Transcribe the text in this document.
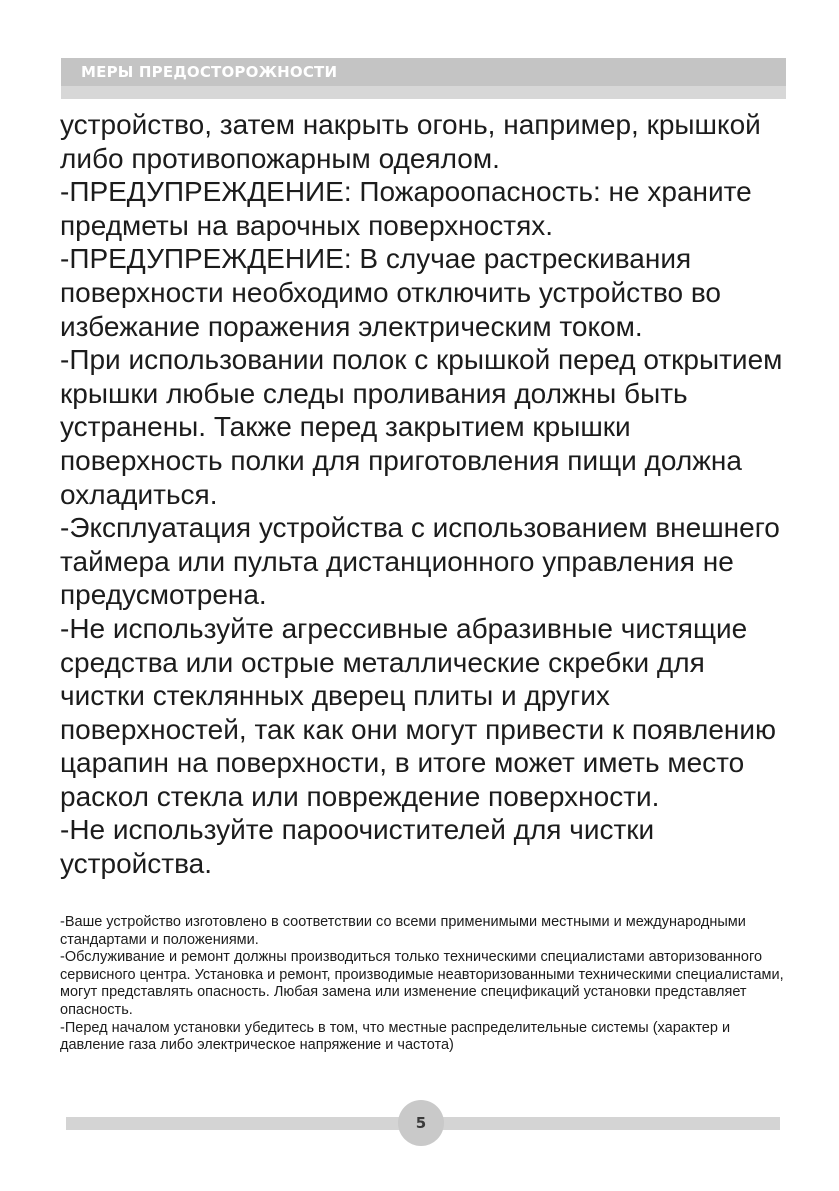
МЕРЫ ПРЕДОСТОРОЖНОСТИ

устройство, затем накрыть огонь, например, крышкой либо противопожарным одеялом.

-ПРЕДУПРЕЖДЕНИЕ: Пожароопасность: не храните предметы на варочных поверхностях.

-ПРЕДУПРЕЖДЕНИЕ: В случае растрескивания поверхности необходимо отключить устройство во избежание поражения электрическим током.

-При использовании полок с крышкой перед открытием крышки любые следы проливания должны быть устранены. Также перед закрытием крышки поверхность полки для приготовления пищи должна охладиться.

-Эксплуатация устройства с использованием внешнего таймера или пульта дистанционного управления не предусмотрена.

-Не используйте агрессивные абразивные чистящие средства или острые металлические скребки для чистки стеклянных дверец плиты и других поверхностей, так как они могут привести к появлению царапин на поверхности, в итоге может иметь место раскол стекла или повреждение поверхности.

-Не используйте пароочистителей для чистки устройства.

-Ваше устройство изготовлено в соответствии со всеми применимыми местными и международными стандартами и положениями.

-Обслуживание и ремонт должны производиться только техническими специалистами авторизованного сервисного центра. Установка и ремонт, производимые неавторизованными техническими специалистами, могут представлять опасность. Любая замена или изменение спецификаций установки представляет опасность.

-Перед началом установки убедитесь в том, что местные распределительные системы (характер и давление газа либо электрическое напряжение и частота)

5
